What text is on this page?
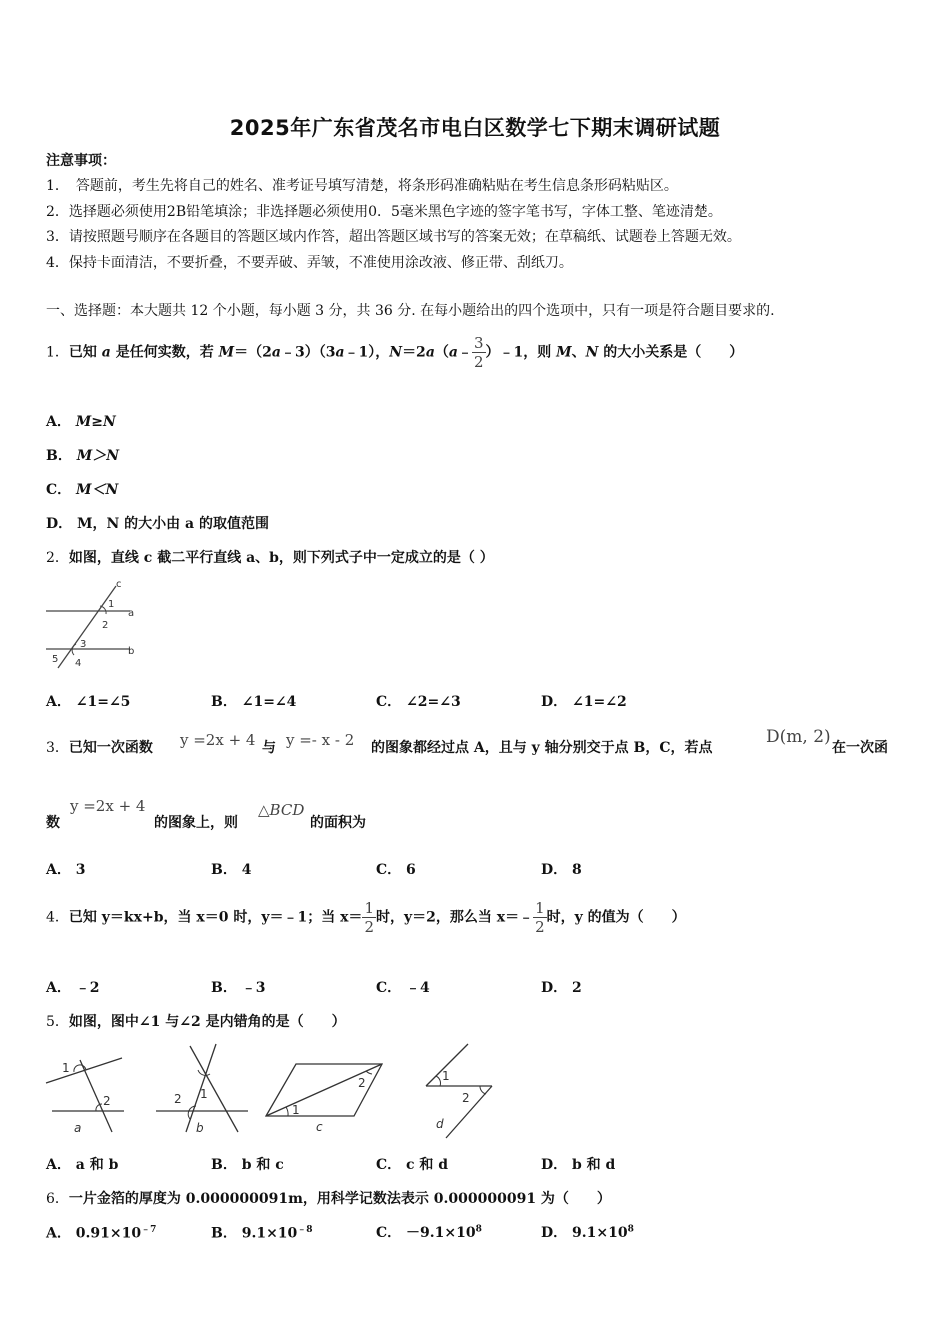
2025年广东省茂名市电白区数学七下期末调研试题
注意事项：
1．　答题前，考生先将自己的姓名、准考证号填写清楚，将条形码准确粘贴在考生信息条形码粘贴区。
2．选择题必须使用2B铅笔填涂；非选择题必须使用0．5毫米黑色字迹的签字笔书写，字体工整、笔迹清楚。
3．请按照题号顺序在各题目的答题区域内作答，超出答题区域书写的答案无效；在草稿纸、试题卷上答题无效。
4．保持卡面清洁，不要折叠，不要弄破、弄皱，不准使用涂改液、修正带、刮纸刀。
一、选择题：本大题共 12 个小题，每小题 3 分，共 36 分. 在每小题给出的四个选项中，只有一项是符合题目要求的.
1．已知 a 是任何实数，若 M＝（2a﹣3）（3a﹣1），N＝2a（a﹣ $\frac{3}{2}$ ）﹣1，则 M、N 的大小关系是（　　）
A． M≥N
B． M＞N
C． M＜N
D． M，N 的大小由 a 的取值范围
2．如图，直线 c 截二平行直线 a、b，则下列式子中一定成立的是（ ）
c
1
a
2
3
5 4
b
A． ∠1=∠5	B． ∠1=∠4	C． ∠2=∠3	D． ∠1=∠2
3．已知一次函数 y =2x + 4 与 y =- x - 2 的图象都经过点 A，且与 y 轴分别交于点 B，C，若点
D(m, 2)
在一次函
数
y =2x + 4
的图象上，则
△BCD
的面积为
A． 3	B． 4	C． 6	D． 8
4．已知 y＝kx+b，当 x＝0 时，y＝﹣1；当 $x= \frac{1}{2}$ 时，y＝2，那么当 x＝﹣ $\frac{1}{2}$ 时，y 的值为（　　）
A． ﹣2	B． ﹣3	C． ﹣4	D． 2
5．如图，图中∠1 与∠2 是内错角的是（　　）
1
2
a
2 1
b
2
1
c
1
2
d
A． a 和 b	B． b 和 c	C． c 和 d	D． b 和 d
6．一片金箔的厚度为 0.000000091m，用科学记数法表示 0.000000091 为（　　）
A． $0.91\times 10^{﹣7}$	B． $9.1\times 10^{﹣8}$	C． $-9.1\times 10^8$	D． $9.1\times 10^8$
